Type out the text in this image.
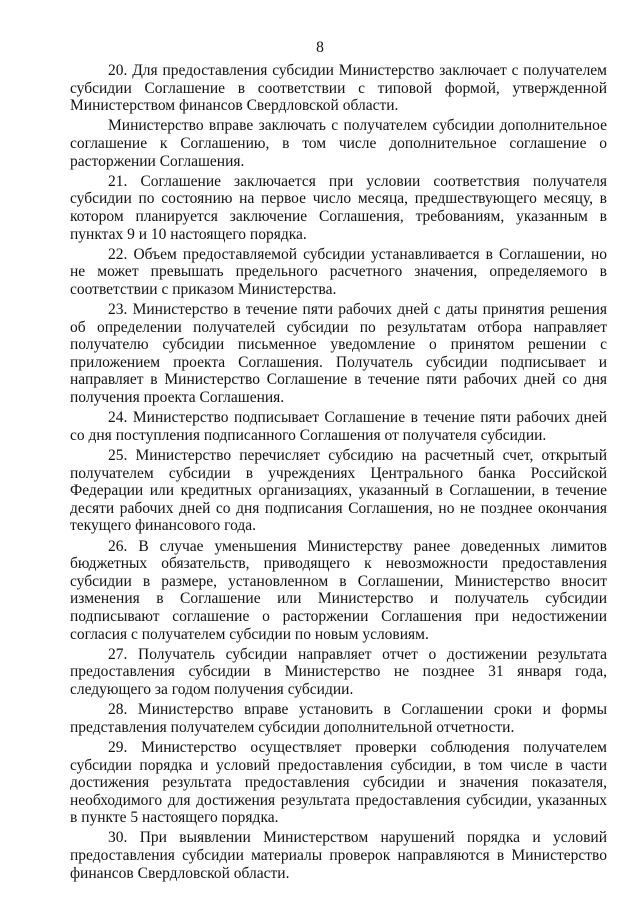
8

20. Для предоставления субсидии Министерство заключает с получателем субсидии Соглашение в соответствии с типовой формой, утвержденной Министерством финансов Свердловской области.

Министерство вправе заключать с получателем субсидии дополнительное соглашение к Соглашению, в том числе дополнительное соглашение о расторжении Соглашения.

21. Соглашение заключается при условии соответствия получателя субсидии по состоянию на первое число месяца, предшествующего месяцу, в котором планируется заключение Соглашения, требованиям, указанным в пунктах 9 и 10 настоящего порядка.

22. Объем предоставляемой субсидии устанавливается в Соглашении, но не может превышать предельного расчетного значения, определяемого в соответствии с приказом Министерства.

23. Министерство в течение пяти рабочих дней с даты принятия решения об определении получателей субсидии по результатам отбора направляет получателю субсидии письменное уведомление о принятом решении с приложением проекта Соглашения. Получатель субсидии подписывает и направляет в Министерство Соглашение в течение пяти рабочих дней со дня получения проекта Соглашения.

24. Министерство подписывает Соглашение в течение пяти рабочих дней со дня поступления подписанного Соглашения от получателя субсидии.

25. Министерство перечисляет субсидию на расчетный счет, открытый получателем субсидии в учреждениях Центрального банка Российской Федерации или кредитных организациях, указанный в Соглашении, в течение десяти рабочих дней со дня подписания Соглашения, но не позднее окончания текущего финансового года.

26. В случае уменьшения Министерству ранее доведенных лимитов бюджетных обязательств, приводящего к невозможности предоставления субсидии в размере, установленном в Соглашении, Министерство вносит изменения в Соглашение или Министерство и получатель субсидии подписывают соглашение о расторжении Соглашения при недостижении согласия с получателем субсидии по новым условиям.

27. Получатель субсидии направляет отчет о достижении результата предоставления субсидии в Министерство не позднее 31 января года, следующего за годом получения субсидии.

28. Министерство вправе установить в Соглашении сроки и формы представления получателем субсидии дополнительной отчетности.

29. Министерство осуществляет проверки соблюдения получателем субсидии порядка и условий предоставления субсидии, в том числе в части достижения результата предоставления субсидии и значения показателя, необходимого для достижения результата предоставления субсидии, указанных в пункте 5 настоящего порядка.

30. При выявлении Министерством нарушений порядка и условий предоставления субсидии материалы проверок направляются в Министерство финансов Свердловской области.
